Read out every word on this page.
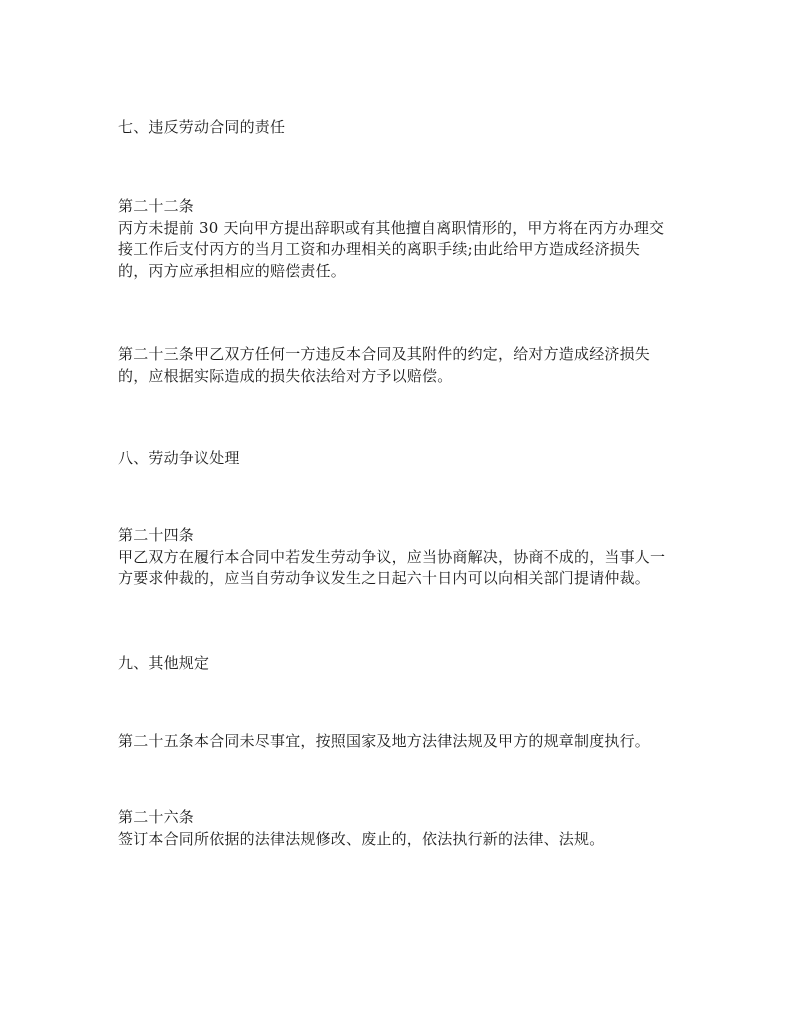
七、违反劳动合同的责任
第二十二条
丙方未提前 30 天向甲方提出辞职或有其他擅自离职情形的，甲方将在丙方办理交
接工作后支付丙方的当月工资和办理相关的离职手续;由此给甲方造成经济损失
的，丙方应承担相应的赔偿责任。
第二十三条甲乙双方任何一方违反本合同及其附件的约定，给对方造成经济损失
的，应根据实际造成的损失依法给对方予以赔偿。
八、劳动争议处理
第二十四条
甲乙双方在履行本合同中若发生劳动争议，应当协商解决，协商不成的，当事人一
方要求仲裁的，应当自劳动争议发生之日起六十日内可以向相关部门提请仲裁。
九、其他规定
第二十五条本合同未尽事宜，按照国家及地方法律法规及甲方的规章制度执行。
第二十六条
签订本合同所依据的法律法规修改、废止的，依法执行新的法律、法规。
